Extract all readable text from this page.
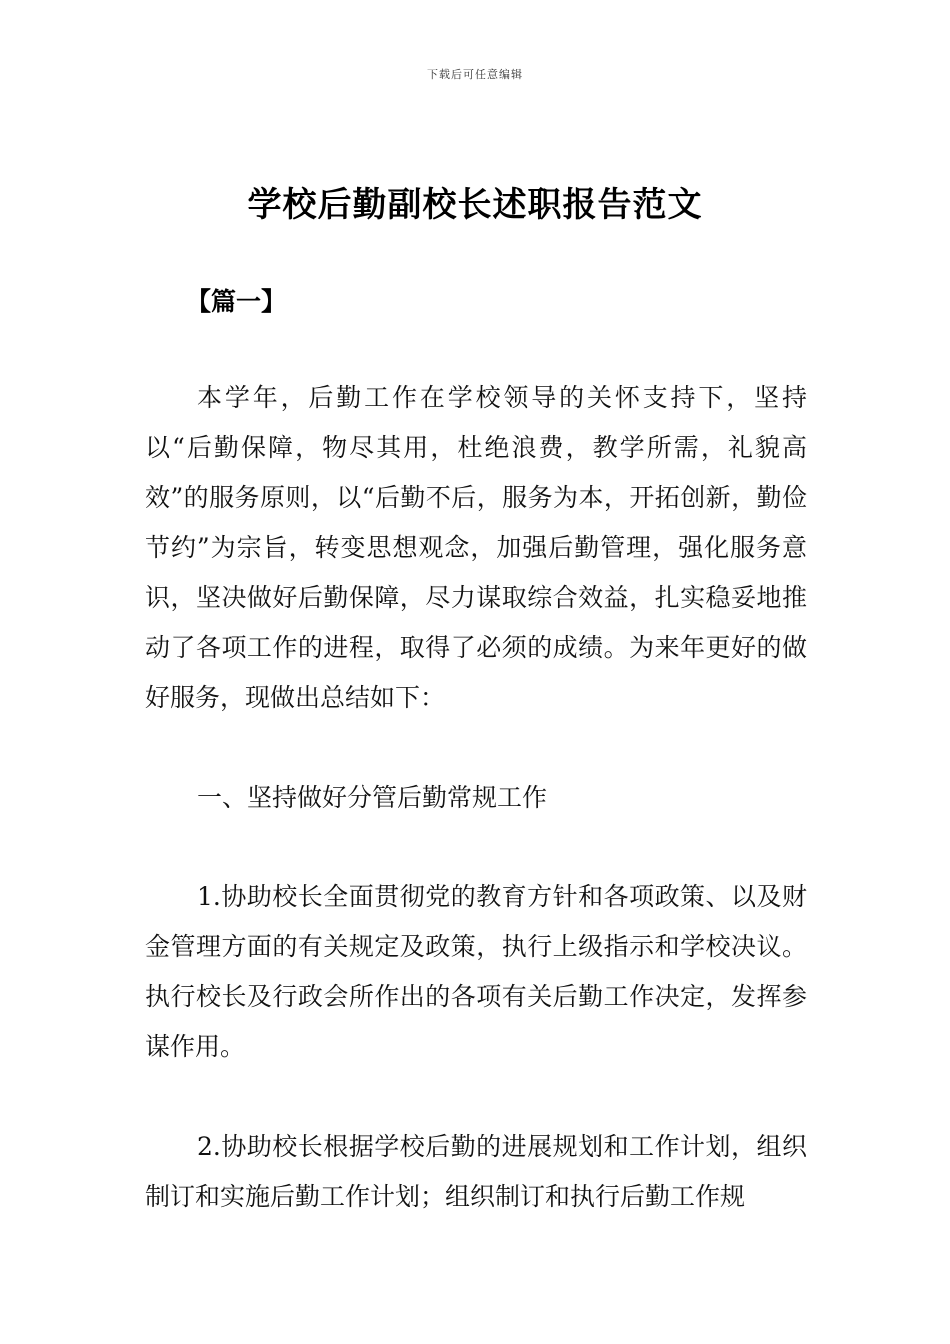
下载后可任意编辑
学校后勤副校长述职报告范文
【篇一】

本学年，后勤工作在学校领导的关怀支持下，坚持以“后勤保障，物尽其用，杜绝浪费，教学所需，礼貌高效”的服务原则，以“后勤不后，服务为本，开拓创新，勤俭节约”为宗旨，转变思想观念，加强后勤管理，强化服务意识，坚决做好后勤保障，尽力谋取综合效益，扎实稳妥地推动了各项工作的进程，取得了必须的成绩。为来年更好的做好服务，现做出总结如下：

一、坚持做好分管后勤常规工作

1.协助校长全面贯彻党的教育方针和各项政策、以及财金管理方面的有关规定及政策，执行上级指示和学校决议。执行校长及行政会所作出的各项有关后勤工作决定，发挥参谋作用。

2.协助校长根据学校后勤的进展规划和工作计划，组织制订和实施后勤工作计划；组织制订和执行后勤工作规
